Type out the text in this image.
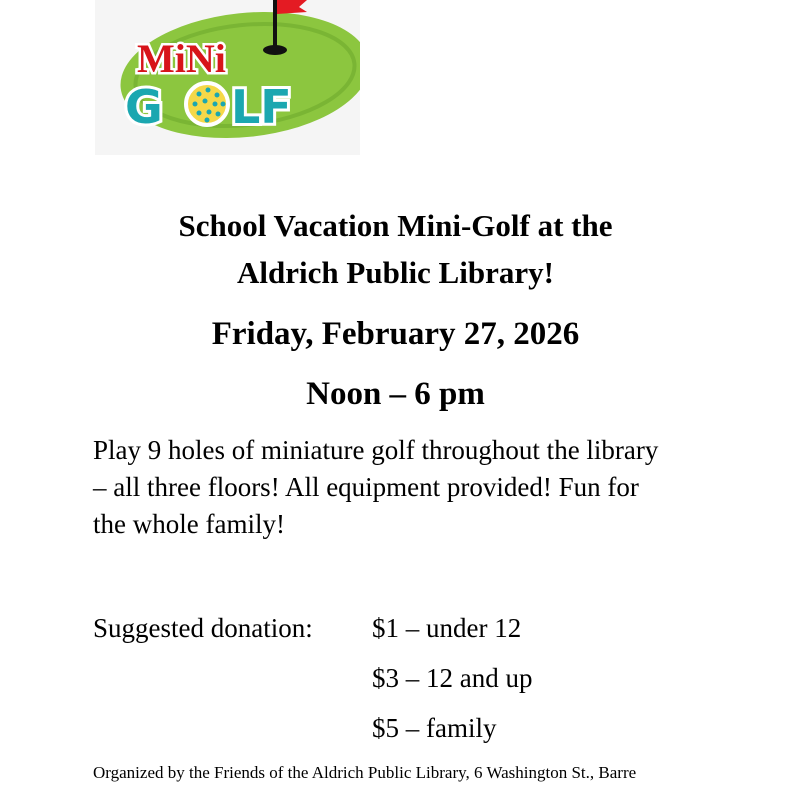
MiNi
G LF
School Vacation Mini-Golf at the
Aldrich Public Library!
Friday, February 27, 2026
Noon – 6 pm
Play 9 holes of miniature golf throughout the library
– all three floors! All equipment provided! Fun for
the whole family!
Suggested donation: $1 – under 12
$3 – 12 and up
$5 – family
Organized by the Friends of the Aldrich Public Library, 6 Washington St., Barre
